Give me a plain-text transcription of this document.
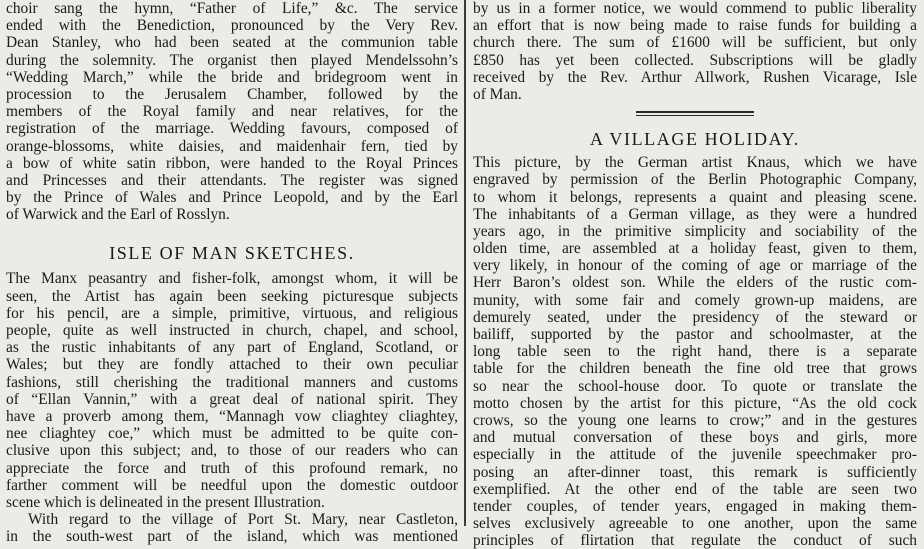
choir sang the hymn, “Father of Life,” &c. The service
ended with the Benediction, pronounced by the Very Rev.
Dean Stanley, who had been seated at the communion table
during the solemnity. The organist then played Mendelssohn’s
“Wedding March,” while the bride and bridegroom went in
procession to the Jerusalem Chamber, followed by the
members of the Royal family and near relatives, for the
registration of the marriage. Wedding favours, composed of
orange-blossoms, white daisies, and maidenhair fern, tied by
a bow of white satin ribbon, were handed to the Royal Princes
and Princesses and their attendants. The register was signed
by the Prince of Wales and Prince Leopold, and by the Earl
of Warwick and the Earl of Rosslyn.
ISLE OF MAN SKETCHES.
The Manx peasantry and fisher-folk, amongst whom, it will be
seen, the Artist has again been seeking picturesque subjects
for his pencil, are a simple, primitive, virtuous, and religious
people, quite as well instructed in church, chapel, and school,
as the rustic inhabitants of any part of England, Scotland, or
Wales; but they are fondly attached to their own peculiar
fashions, still cherishing the traditional manners and customs
of “Ellan Vannin,” with a great deal of national spirit. They
have a proverb among them, “Mannagh vow cliaghtey cliaghtey,
nee cliaghtey coe,” which must be admitted to be quite con-
clusive upon this subject; and, to those of our readers who can
appreciate the force and truth of this profound remark, no
farther comment will be needful upon the domestic outdoor
scene which is delineated in the present Illustration.
With regard to the village of Port St. Mary, near Castleton,
in the south-west part of the island, which was mentioned
by us in a former notice, we would commend to public liberality
an effort that is now being made to raise funds for building a
church there. The sum of £1600 will be sufficient, but only
£850 has yet been collected. Subscriptions will be gladly
received by the Rev. Arthur Allwork, Rushen Vicarage, Isle
of Man.
A VILLAGE HOLIDAY.
This picture, by the German artist Knaus, which we have
engraved by permission of the Berlin Photographic Company,
to whom it belongs, represents a quaint and pleasing scene.
The inhabitants of a German village, as they were a hundred
years ago, in the primitive simplicity and sociability of the
olden time, are assembled at a holiday feast, given to them,
very likely, in honour of the coming of age or marriage of the
Herr Baron’s oldest son. While the elders of the rustic com-
munity, with some fair and comely grown-up maidens, are
demurely seated, under the presidency of the steward or
bailiff, supported by the pastor and schoolmaster, at the
long table seen to the right hand, there is a separate
table for the children beneath the fine old tree that grows
so near the school-house door. To quote or translate the
motto chosen by the artist for this picture, “As the old cock
crows, so the young one learns to crow;” and in the gestures
and mutual conversation of these boys and girls, more
especially in the attitude of the juvenile speechmaker pro-
posing an after-dinner toast, this remark is sufficiently
exemplified. At the other end of the table are seen two
tender couples, of tender years, engaged in making them-
selves exclusively agreeable to one another, upon the same
principles of flirtation that regulate the conduct of such
